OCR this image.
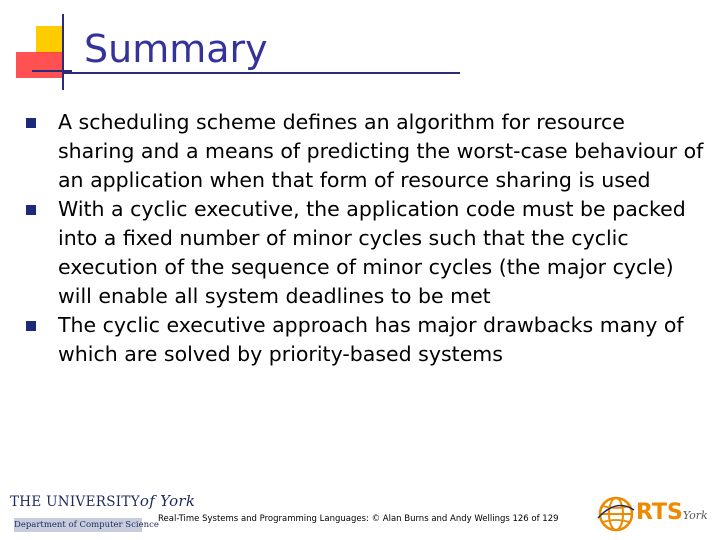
Summary
A scheduling scheme defines an algorithm for resource sharing and a means of predicting the worst-case behaviour of an application when that form of resource sharing is used
With a cyclic executive, the application code must be packed into a fixed number of minor cycles such that the cyclic execution of the sequence of minor cycles (the major cycle) will enable all system deadlines to be met
The cyclic executive approach has major drawbacks many of which are solved by priority-based systems
THE UNIVERSITYof York
Department of Computer Science
Real-Time Systems and Programming Languages: © Alan Burns and Andy Wellings 126 of 129	RTSYork
